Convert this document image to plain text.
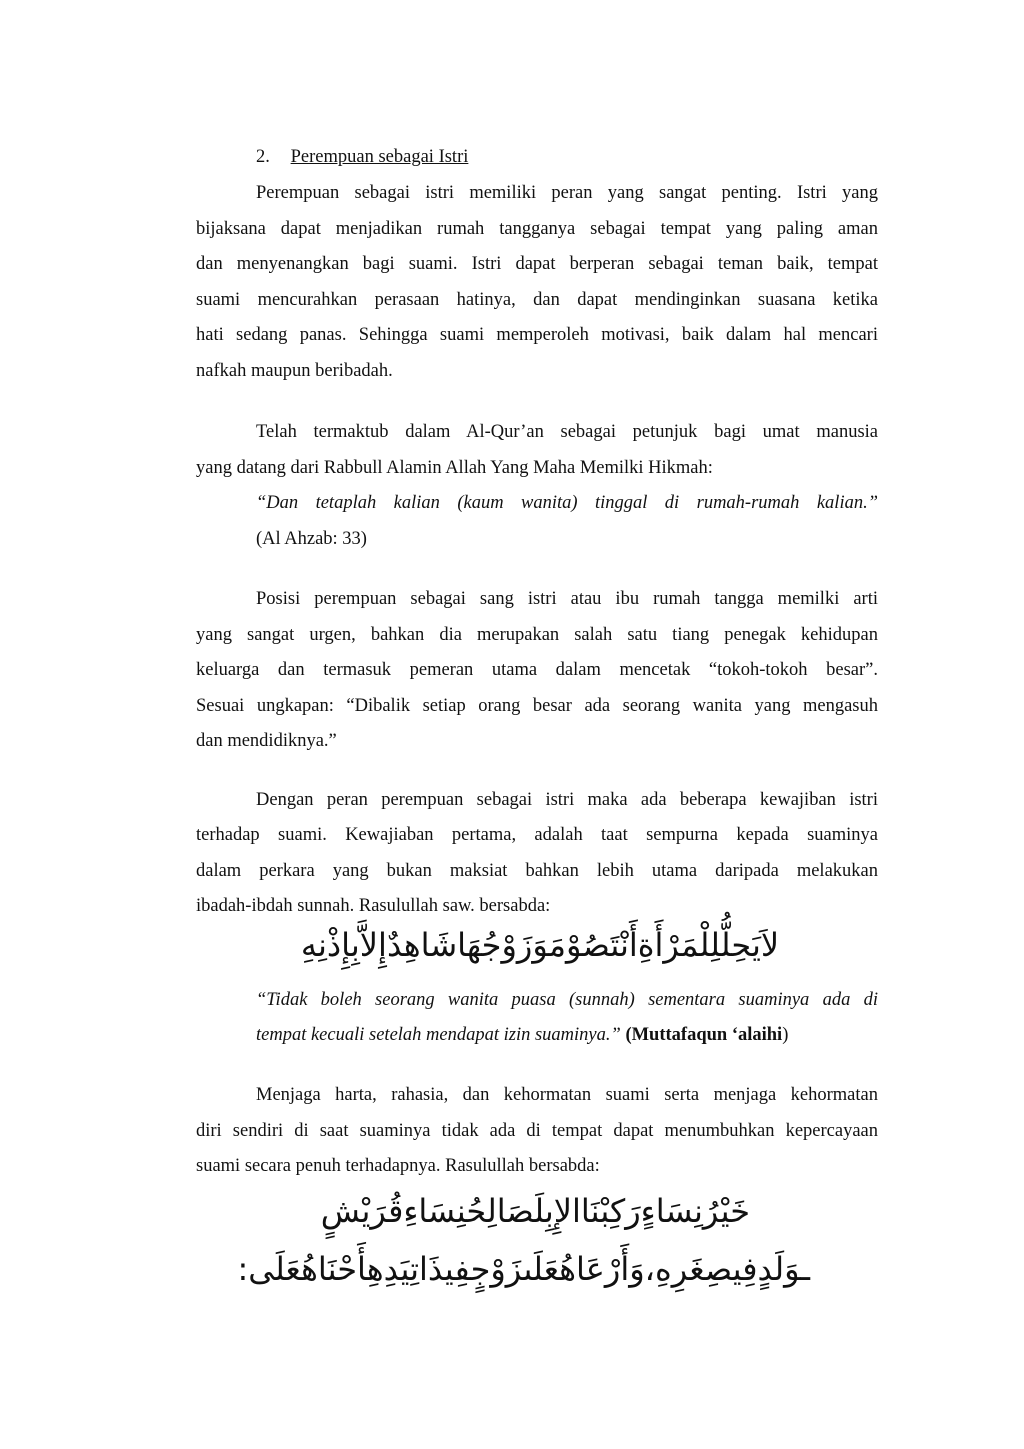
2. Perempuan sebagai Istri
Perempuan sebagai istri memiliki peran yang sangat penting. Istri yang
bijaksana dapat menjadikan rumah tangganya sebagai tempat yang paling aman
dan menyenangkan bagi suami. Istri dapat berperan sebagai teman baik, tempat
suami mencurahkan perasaan hatinya, dan dapat mendinginkan suasana ketika
hati sedang panas. Sehingga suami memperoleh motivasi, baik dalam hal mencari
nafkah maupun beribadah.
Telah termaktub dalam Al-Qur’an sebagai petunjuk bagi umat manusia
yang datang dari Rabbull Alamin Allah Yang Maha Memilki Hikmah:
“Dan tetaplah kalian (kaum wanita) tinggal di rumah-rumah kalian.”
(Al Ahzab: 33)
Posisi perempuan sebagai sang istri atau ibu rumah tangga memilki arti
yang sangat urgen, bahkan dia merupakan salah satu tiang penegak kehidupan
keluarga dan termasuk pemeran utama dalam mencetak “tokoh-tokoh besar”.
Sesuai ungkapan: “Dibalik setiap orang besar ada seorang wanita yang mengasuh
dan mendidiknya.”
Dengan peran perempuan sebagai istri maka ada beberapa kewajiban istri
terhadap suami. Kewajiaban pertama, adalah taat sempurna kepada suaminya
dalam perkara yang bukan maksiat bahkan lebih utama daripada melakukan
ibadah-ibdah sunnah. Rasulullah saw. bersabda:
لاَيَحِلُّلِلْمَرْأَةِأَنْتَصُوْمَوَزَوْجُهَاشَاهِدٌإِلاَّبِإِذْنِهِ
“Tidak boleh seorang wanita puasa (sunnah) sementara suaminya ada di
tempat kecuali setelah mendapat izin suaminya.” (Muttafaqun ‘alaihi)
Menjaga harta, rahasia, dan kehormatan suami serta menjaga kehormatan
diri sendiri di saat suaminya tidak ada di tempat dapat menumbuhkan kepercayaan
suami secara penuh terhadapnya. Rasulullah bersabda:
خَيْرُنِسَاءٍرَكِبْنَاالإِبِلَصَالِحُنِسَاءِقُرَيْشٍ
ـوَلَدٍفِيصِغَرِهِ،وَأَرْعَاهُعَلَىزَوْجٍفِيذَاتِيَدِهِأَحْنَاهُعَلَى:
